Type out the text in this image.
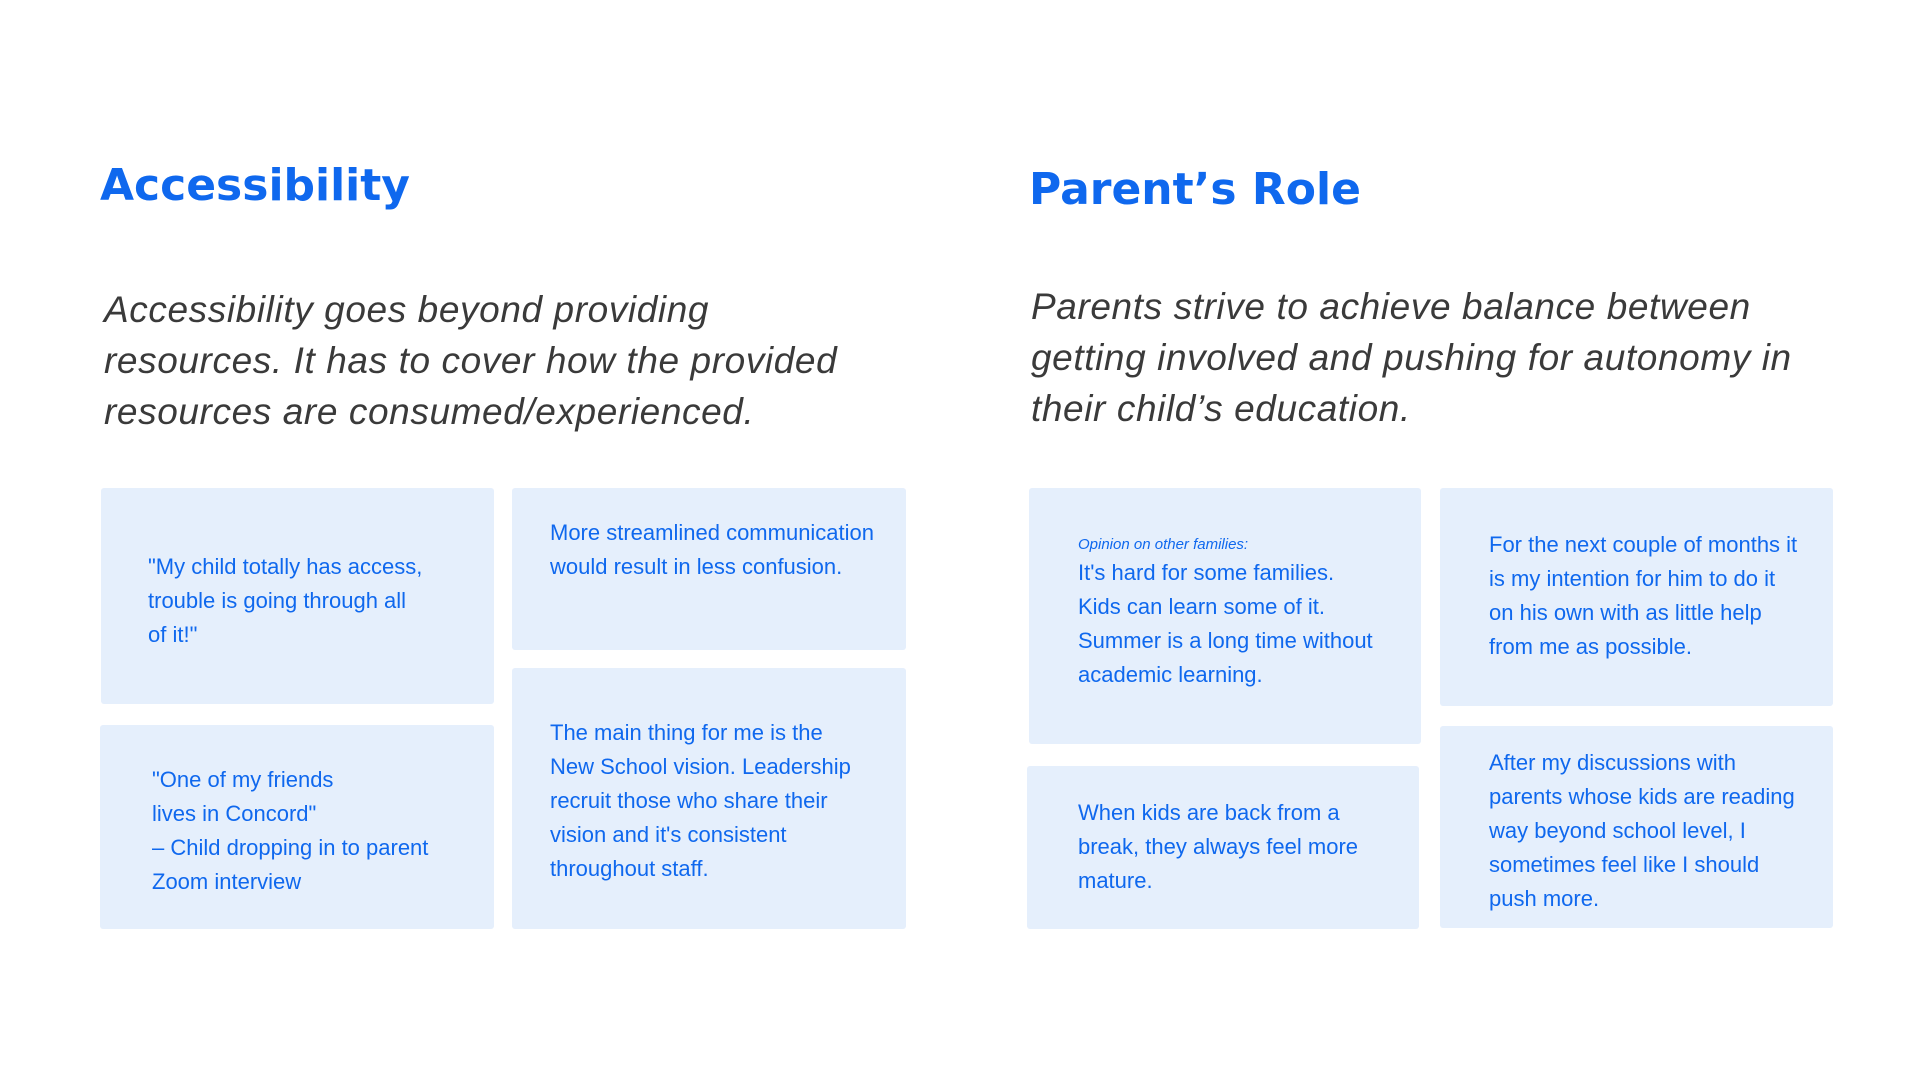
Accessibility

Accessibility goes beyond providing resources. It has to cover how the provided resources are consumed/experienced.

"My child totally has access, trouble is going through all of it!"

More streamlined communication would result in less confusion.

"One of my friends
lives in Concord"
– Child dropping in to parent Zoom interview

The main thing for me is the New School vision. Leadership recruit those who share their vision and it's consistent throughout staff.

Parent’s Role

Parents strive to achieve balance between getting involved and pushing for autonomy in their child’s education.

Opinion on other families:

It's hard for some families.
Kids can learn some of it.
Summer is a long time without academic learning.

For the next couple of months it is my intention for him to do it on his own with as little help from me as possible.

When kids are back from a break, they always feel more mature.

After my discussions with parents whose kids are reading way beyond school level, I sometimes feel like I should push more.
